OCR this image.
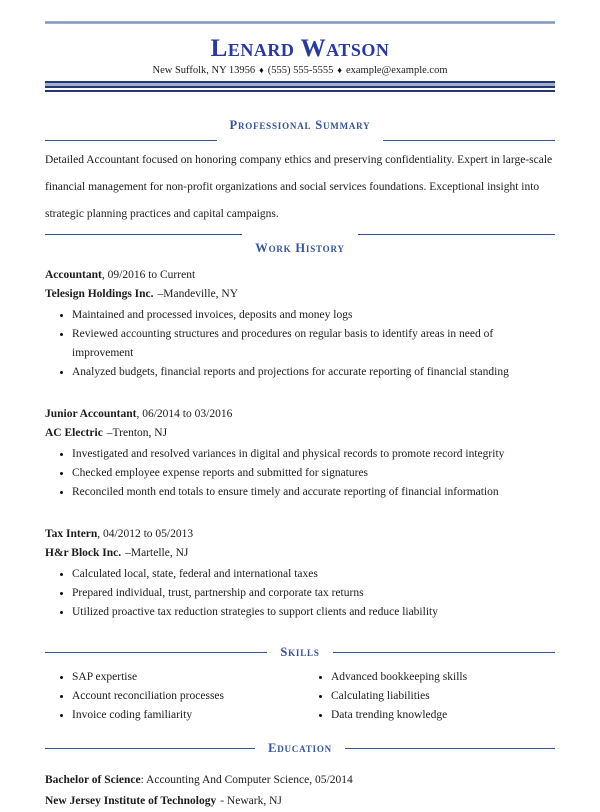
Lenard Watson
New Suffolk, NY 13956 ♦ (555) 555-5555 ♦ example@example.com
Professional Summary

Detailed Accountant focused on honoring company ethics and preserving confidentiality. Expert in large-scale financial management for non-profit organizations and social services foundations. Exceptional insight into strategic planning practices and capital campaigns.

Work History
Accountant, 09/2016 to Current
Telesign Holdings Inc. –Mandeville, NY
• Maintained and processed invoices, deposits and money logs
• Reviewed accounting structures and procedures on regular basis to identify areas in need of improvement
• Analyzed budgets, financial reports and projections for accurate reporting of financial standing
Junior Accountant, 06/2014 to 03/2016
AC Electric –Trenton, NJ
• Investigated and resolved variances in digital and physical records to promote record integrity
• Checked employee expense reports and submitted for signatures
• Reconciled month end totals to ensure timely and accurate reporting of financial information
Tax Intern, 04/2012 to 05/2013
H&r Block Inc. –Martelle, NJ
• Calculated local, state, federal and international taxes
• Prepared individual, trust, partnership and corporate tax returns
• Utilized proactive tax reduction strategies to support clients and reduce liability
Skills
• SAP expertise
• Account reconciliation processes
• Invoice coding familiarity
• Advanced bookkeeping skills
• Calculating liabilities
• Data trending knowledge
Education
Bachelor of Science: Accounting And Computer Science, 05/2014
New Jersey Institute of Technology - Newark, NJ
